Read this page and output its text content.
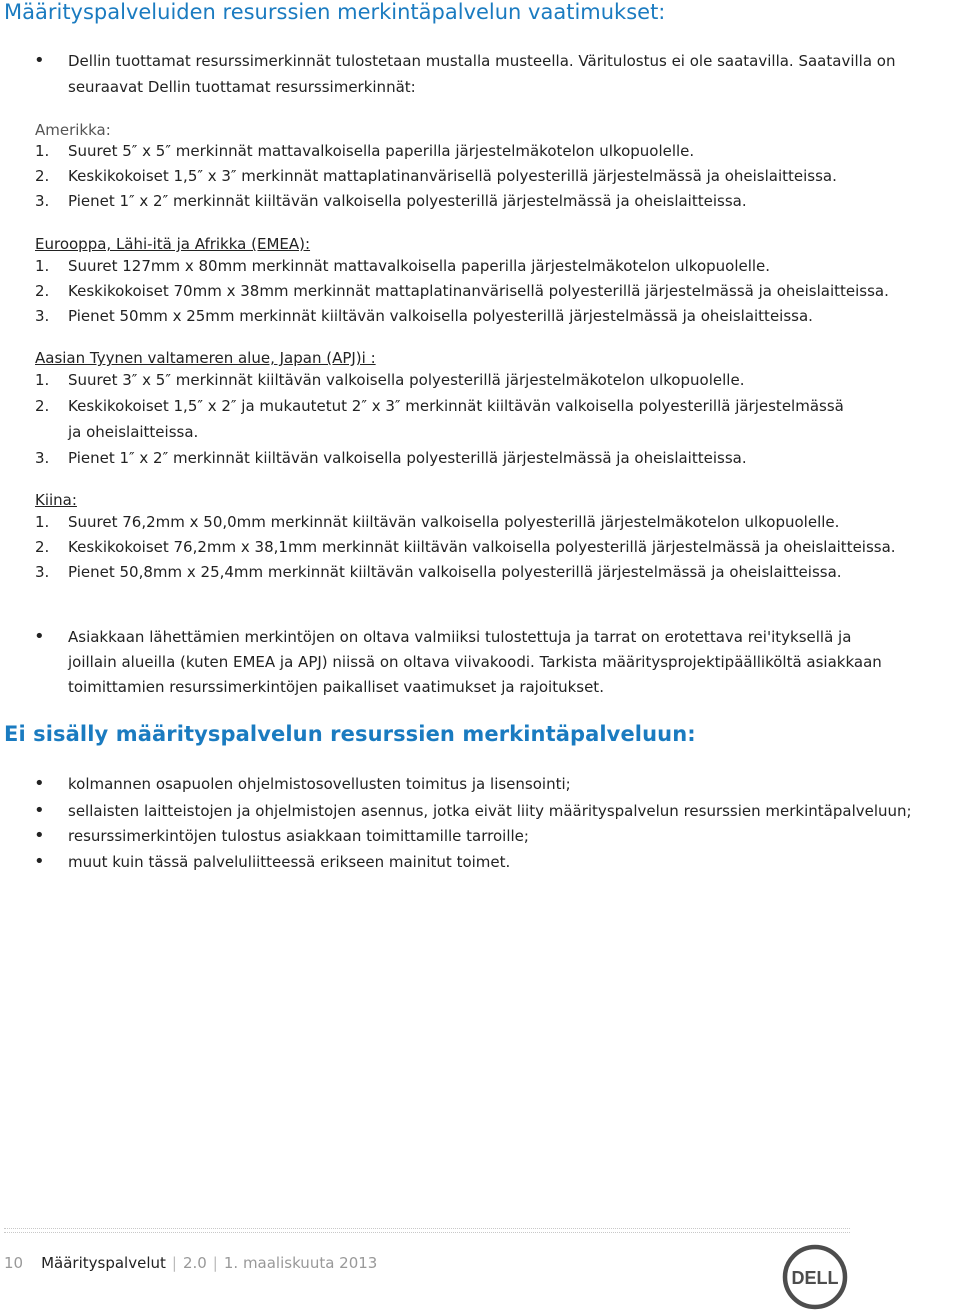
Määrityspalveluiden resurssien merkintäpalvelun vaatimukset:
• Dellin tuottamat resurssimerkinnät tulostetaan mustalla musteella. Väritulostus ei ole saatavilla. Saatavilla on
seuraavat Dellin tuottamat resurssimerkinnät:
Amerikka:
1. Suuret 5″ x 5″ merkinnät mattavalkoisella paperilla järjestelmäkotelon ulkopuolelle.
2. Keskikokoiset 1,5″ x 3″ merkinnät mattaplatinanvärisellä polyesterillä järjestelmässä ja oheislaitteissa.
3. Pienet 1″ x 2″ merkinnät kiiltävän valkoisella polyesterillä järjestelmässä ja oheislaitteissa.
Eurooppa, Lähi-itä ja Afrikka (EMEA):
1. Suuret 127mm x 80mm merkinnät mattavalkoisella paperilla järjestelmäkotelon ulkopuolelle.
2. Keskikokoiset 70mm x 38mm merkinnät mattaplatinanvärisellä polyesterillä järjestelmässä ja oheislaitteissa.
3. Pienet 50mm x 25mm merkinnät kiiltävän valkoisella polyesterillä järjestelmässä ja oheislaitteissa.
Aasian Tyynen valtameren alue, Japan (APJ)i :
1. Suuret 3″ x 5″ merkinnät kiiltävän valkoisella polyesterillä järjestelmäkotelon ulkopuolelle.
2. Keskikokoiset 1,5″ x 2″ ja mukautetut 2″ x 3″ merkinnät kiiltävän valkoisella polyesterillä järjestelmässä
ja oheislaitteissa.
3. Pienet 1″ x 2″ merkinnät kiiltävän valkoisella polyesterillä järjestelmässä ja oheislaitteissa.
Kiina:
1. Suuret 76,2mm x 50,0mm merkinnät kiiltävän valkoisella polyesterillä järjestelmäkotelon ulkopuolelle.
2. Keskikokoiset 76,2mm x 38,1mm merkinnät kiiltävän valkoisella polyesterillä järjestelmässä ja oheislaitteissa.
3. Pienet 50,8mm x 25,4mm merkinnät kiiltävän valkoisella polyesterillä järjestelmässä ja oheislaitteissa.
• Asiakkaan lähettämien merkintöjen on oltava valmiiksi tulostettuja ja tarrat on erotettava rei'ityksellä ja
joillain alueilla (kuten EMEA ja APJ) niissä on oltava viivakoodi. Tarkista määritysprojektipäälliköltä asiakkaan
toimittamien resurssimerkintöjen paikalliset vaatimukset ja rajoitukset.
Ei sisälly määrityspalvelun resurssien merkintäpalveluun:
• kolmannen osapuolen ohjelmistosovellusten toimitus ja lisensointi;
• sellaisten laitteistojen ja ohjelmistojen asennus, jotka eivät liity määrityspalvelun resurssien merkintäpalveluun;
• resurssimerkintöjen tulostus asiakkaan toimittamille tarroille;
• muut kuin tässä palveluliitteessä erikseen mainitut toimet.
10 Määrityspalvelut | 2.0 | 1. maaliskuuta 2013
DELL
